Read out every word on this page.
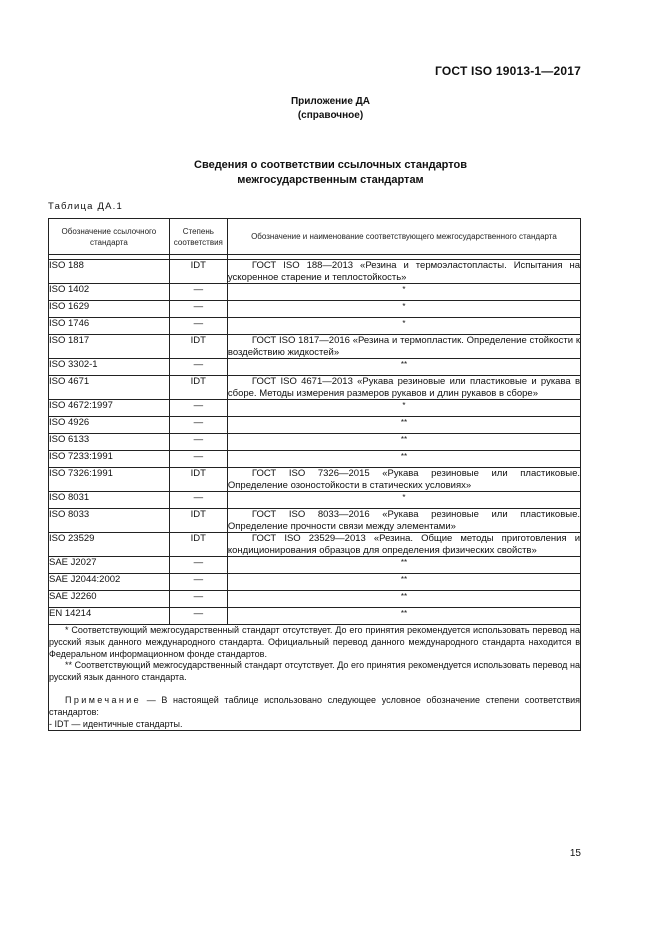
ГОСТ ISO 19013-1—2017
Приложение ДА
(справочное)
Сведения о соответствии ссылочных стандартов
межгосударственным стандартам
Таблица ДА.1
Обозначение ссылочного стандарта	Степень соответствия	Обозначение и наименование соответствующего межгосударственного стандарта

ISO 188	IDT	ГОСТ ISO 188—2013 «Резина и термоэластопласты. Испытания на ускоренное старение и теплостойкость»
ISO 1402	—	*
ISO 1629	—	*
ISO 1746	—	*
ISO 1817	IDT	ГОСТ ISO 1817—2016 «Резина и термопластик. Определение стойкости к воздействию жидкостей»
ISO 3302-1	—	**
ISO 4671	IDT	ГОСТ ISO 4671—2013 «Рукава резиновые или пластиковые и рукава в сборе. Методы измерения размеров рукавов и длин рукавов в сборе»
ISO 4672:1997	—	*
ISO 4926	—	**
ISO 6133	—	**
ISO 7233:1991	—	**
ISO 7326:1991	IDT	ГОСТ ISO 7326—2015 «Рукава резиновые или пластиковые. Определение озоностойкости в статических условиях»
ISO 8031	—	*
ISO 8033	IDT	ГОСТ ISO 8033—2016 «Рукава резиновые или пластиковые. Определение прочности связи между элементами»
ISO 23529	IDT	ГОСТ ISO 23529—2013 «Резина. Общие методы приготовления и кондиционирования образцов для определения физических свойств»
SAE J2027	—	**
SAE J2044:2002	—	**
SAE J2260	—	**
EN 14214	—	**

* Соответствующий межгосударственный стандарт отсутствует. До его принятия рекомендуется использовать перевод на русский язык данного международного стандарта. Официальный перевод данного международного стандарта находится в Федеральном информационном фонде стандартов.

** Соответствующий межгосударственный стандарт отсутствует. До его принятия рекомендуется использовать перевод на русский язык данного стандарта.

Примечание — В настоящей таблице использовано следующее условное обозначение степени соответствия стандартов:

- IDT — идентичные стандарты.		

15
